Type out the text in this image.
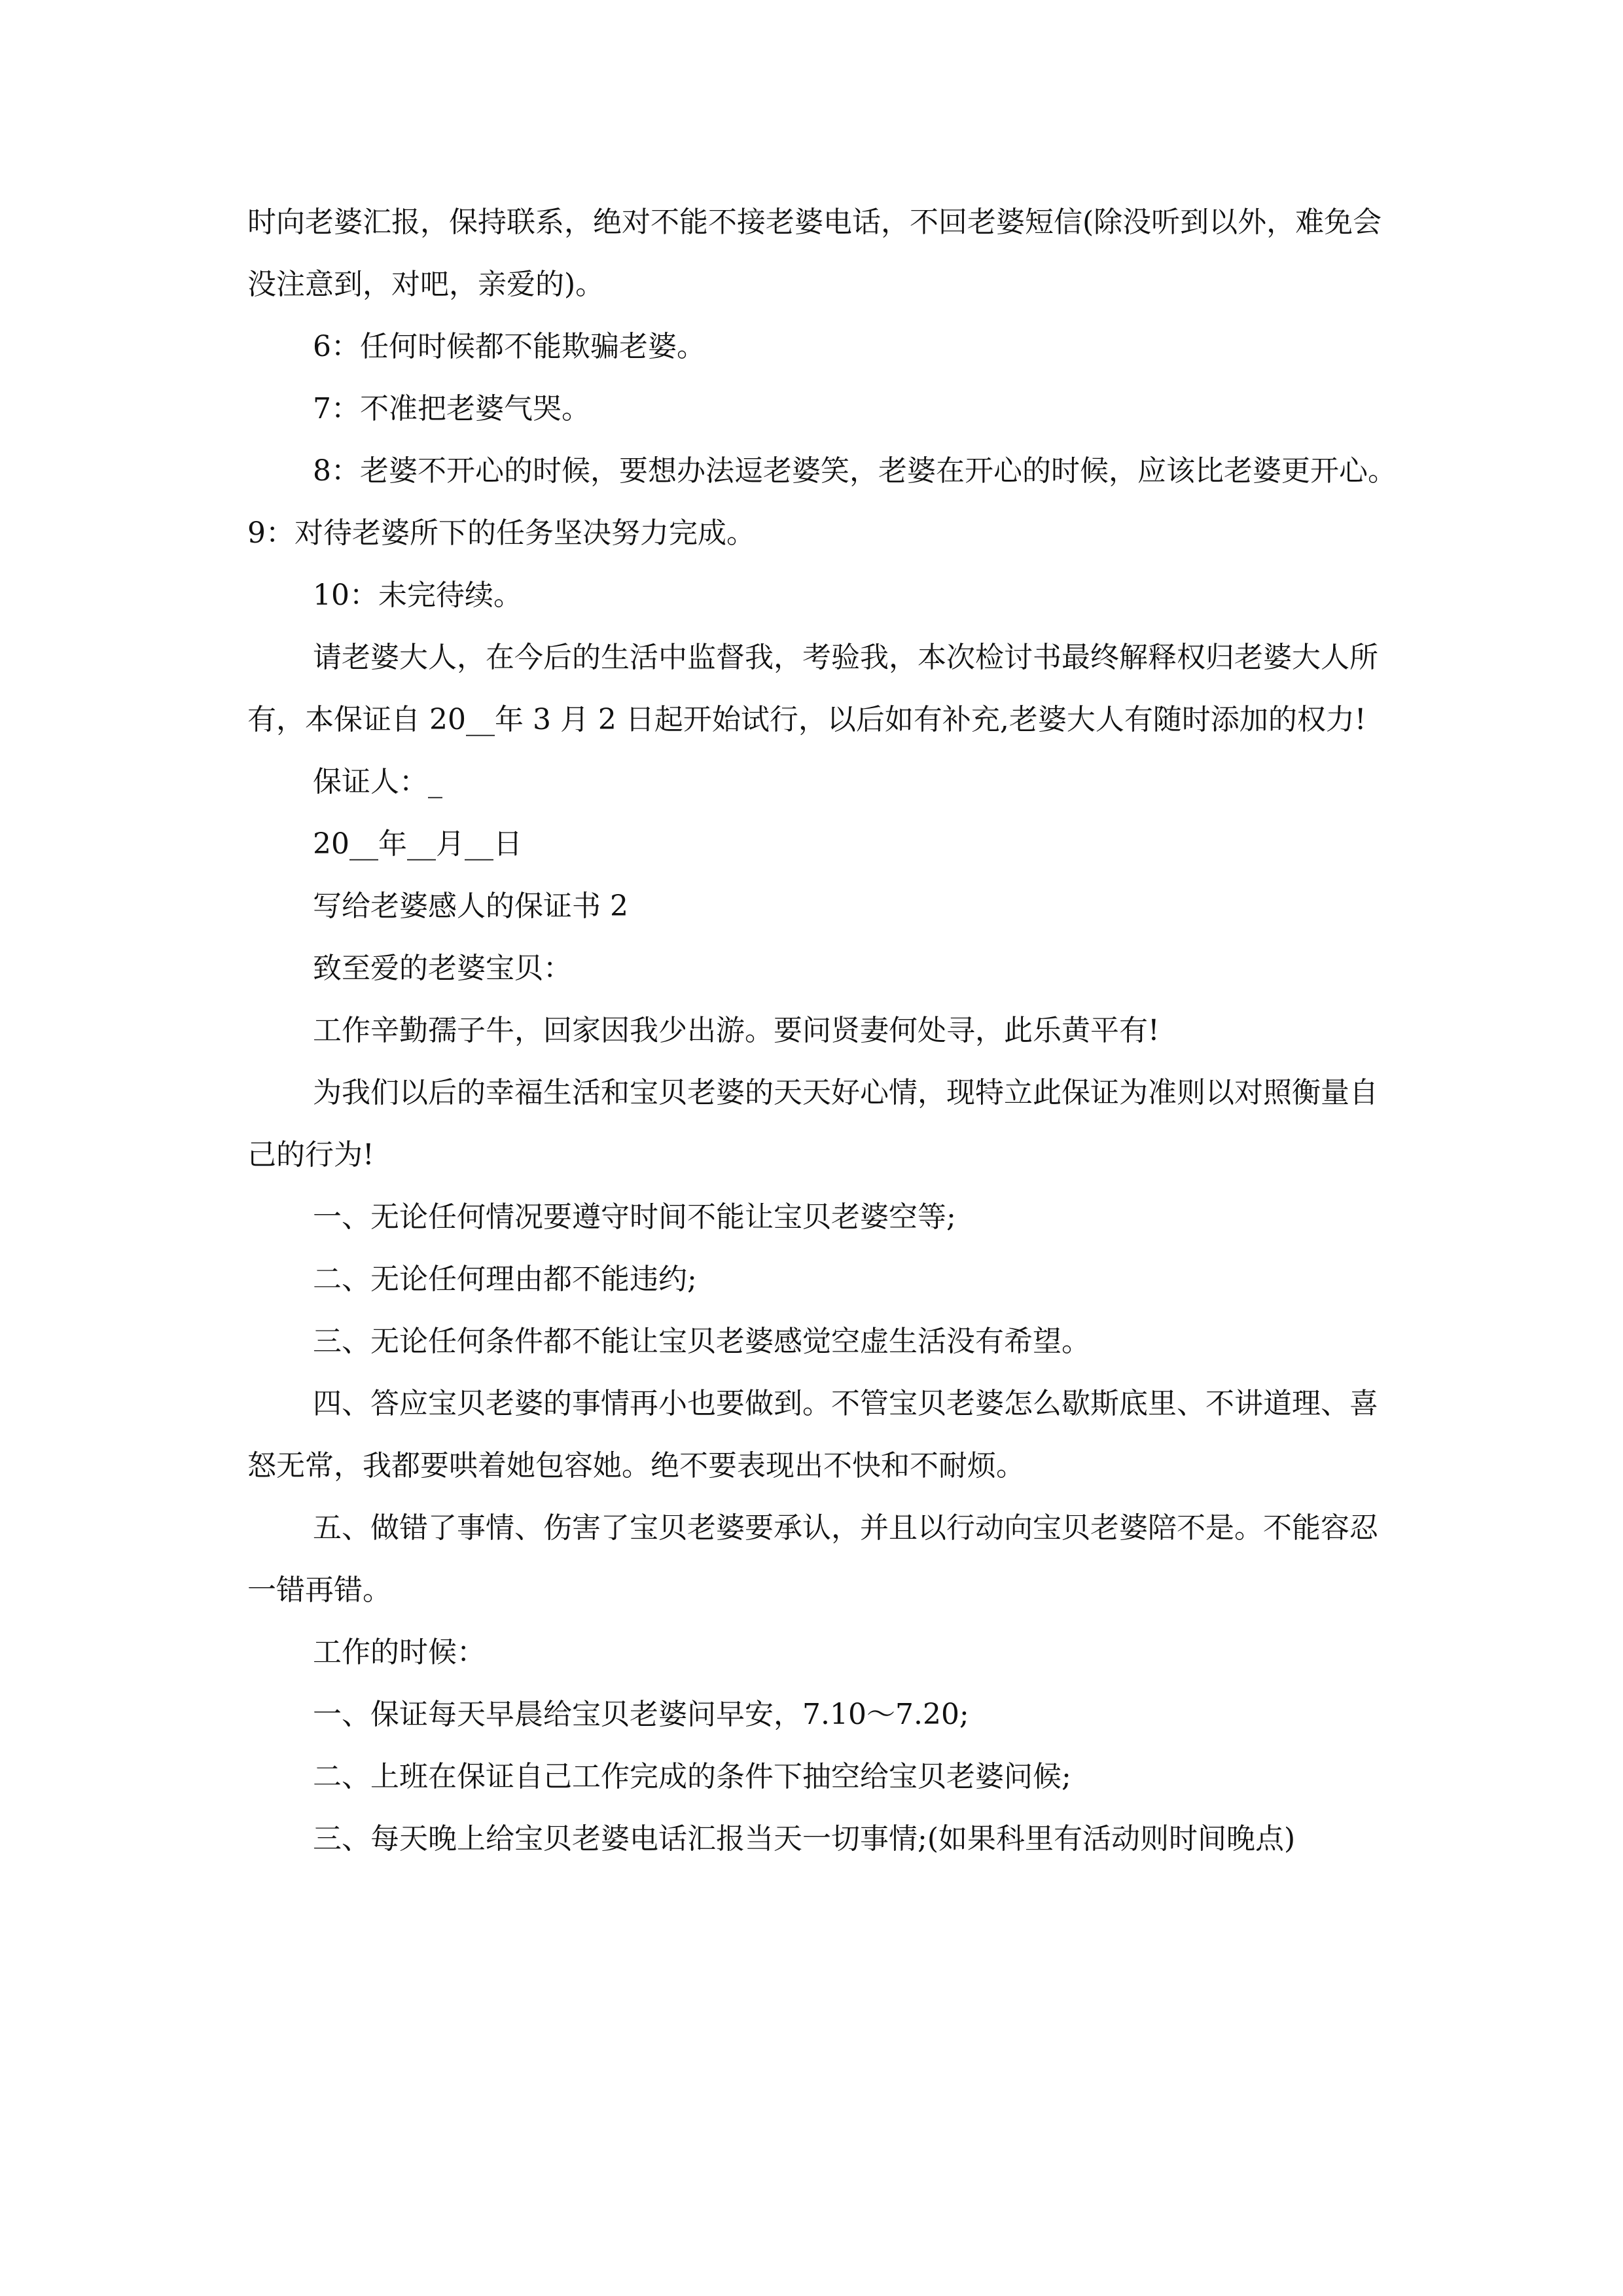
时向老婆汇报，保持联系，绝对不能不接老婆电话，不回老婆短信(除没听到以外，难免会没注意到，对吧，亲爱的)。

6：任何时候都不能欺骗老婆。

7：不准把老婆气哭。

8：老婆不开心的时候，要想办法逗老婆笑，老婆在开心的时候，应该比老婆更开心。9：对待老婆所下的任务坚决努力完成。

10：未完待续。

请老婆大人，在今后的生活中监督我，考验我，本次检讨书最终解释权归老婆大人所有，本保证自 20__年 3 月 2 日起开始试行，以后如有补充,老婆大人有随时添加的权力!

保证人：_

20__年__月__日

写给老婆感人的保证书 2

致至爱的老婆宝贝：

工作辛勤孺子牛，回家因我少出游。要问贤妻何处寻，此乐黄平有!

为我们以后的幸福生活和宝贝老婆的天天好心情，现特立此保证为准则以对照衡量自己的行为!

一、无论任何情况要遵守时间不能让宝贝老婆空等;

二、无论任何理由都不能违约;

三、无论任何条件都不能让宝贝老婆感觉空虚生活没有希望。

四、答应宝贝老婆的事情再小也要做到。不管宝贝老婆怎么歇斯底里、不讲道理、喜怒无常，我都要哄着她包容她。绝不要表现出不快和不耐烦。

五、做错了事情、伤害了宝贝老婆要承认，并且以行动向宝贝老婆陪不是。不能容忍一错再错。

工作的时候：

一、保证每天早晨给宝贝老婆问早安，7.10～7.20;

二、上班在保证自己工作完成的条件下抽空给宝贝老婆问候;

三、每天晚上给宝贝老婆电话汇报当天一切事情;(如果科里有活动则时间晚点)
